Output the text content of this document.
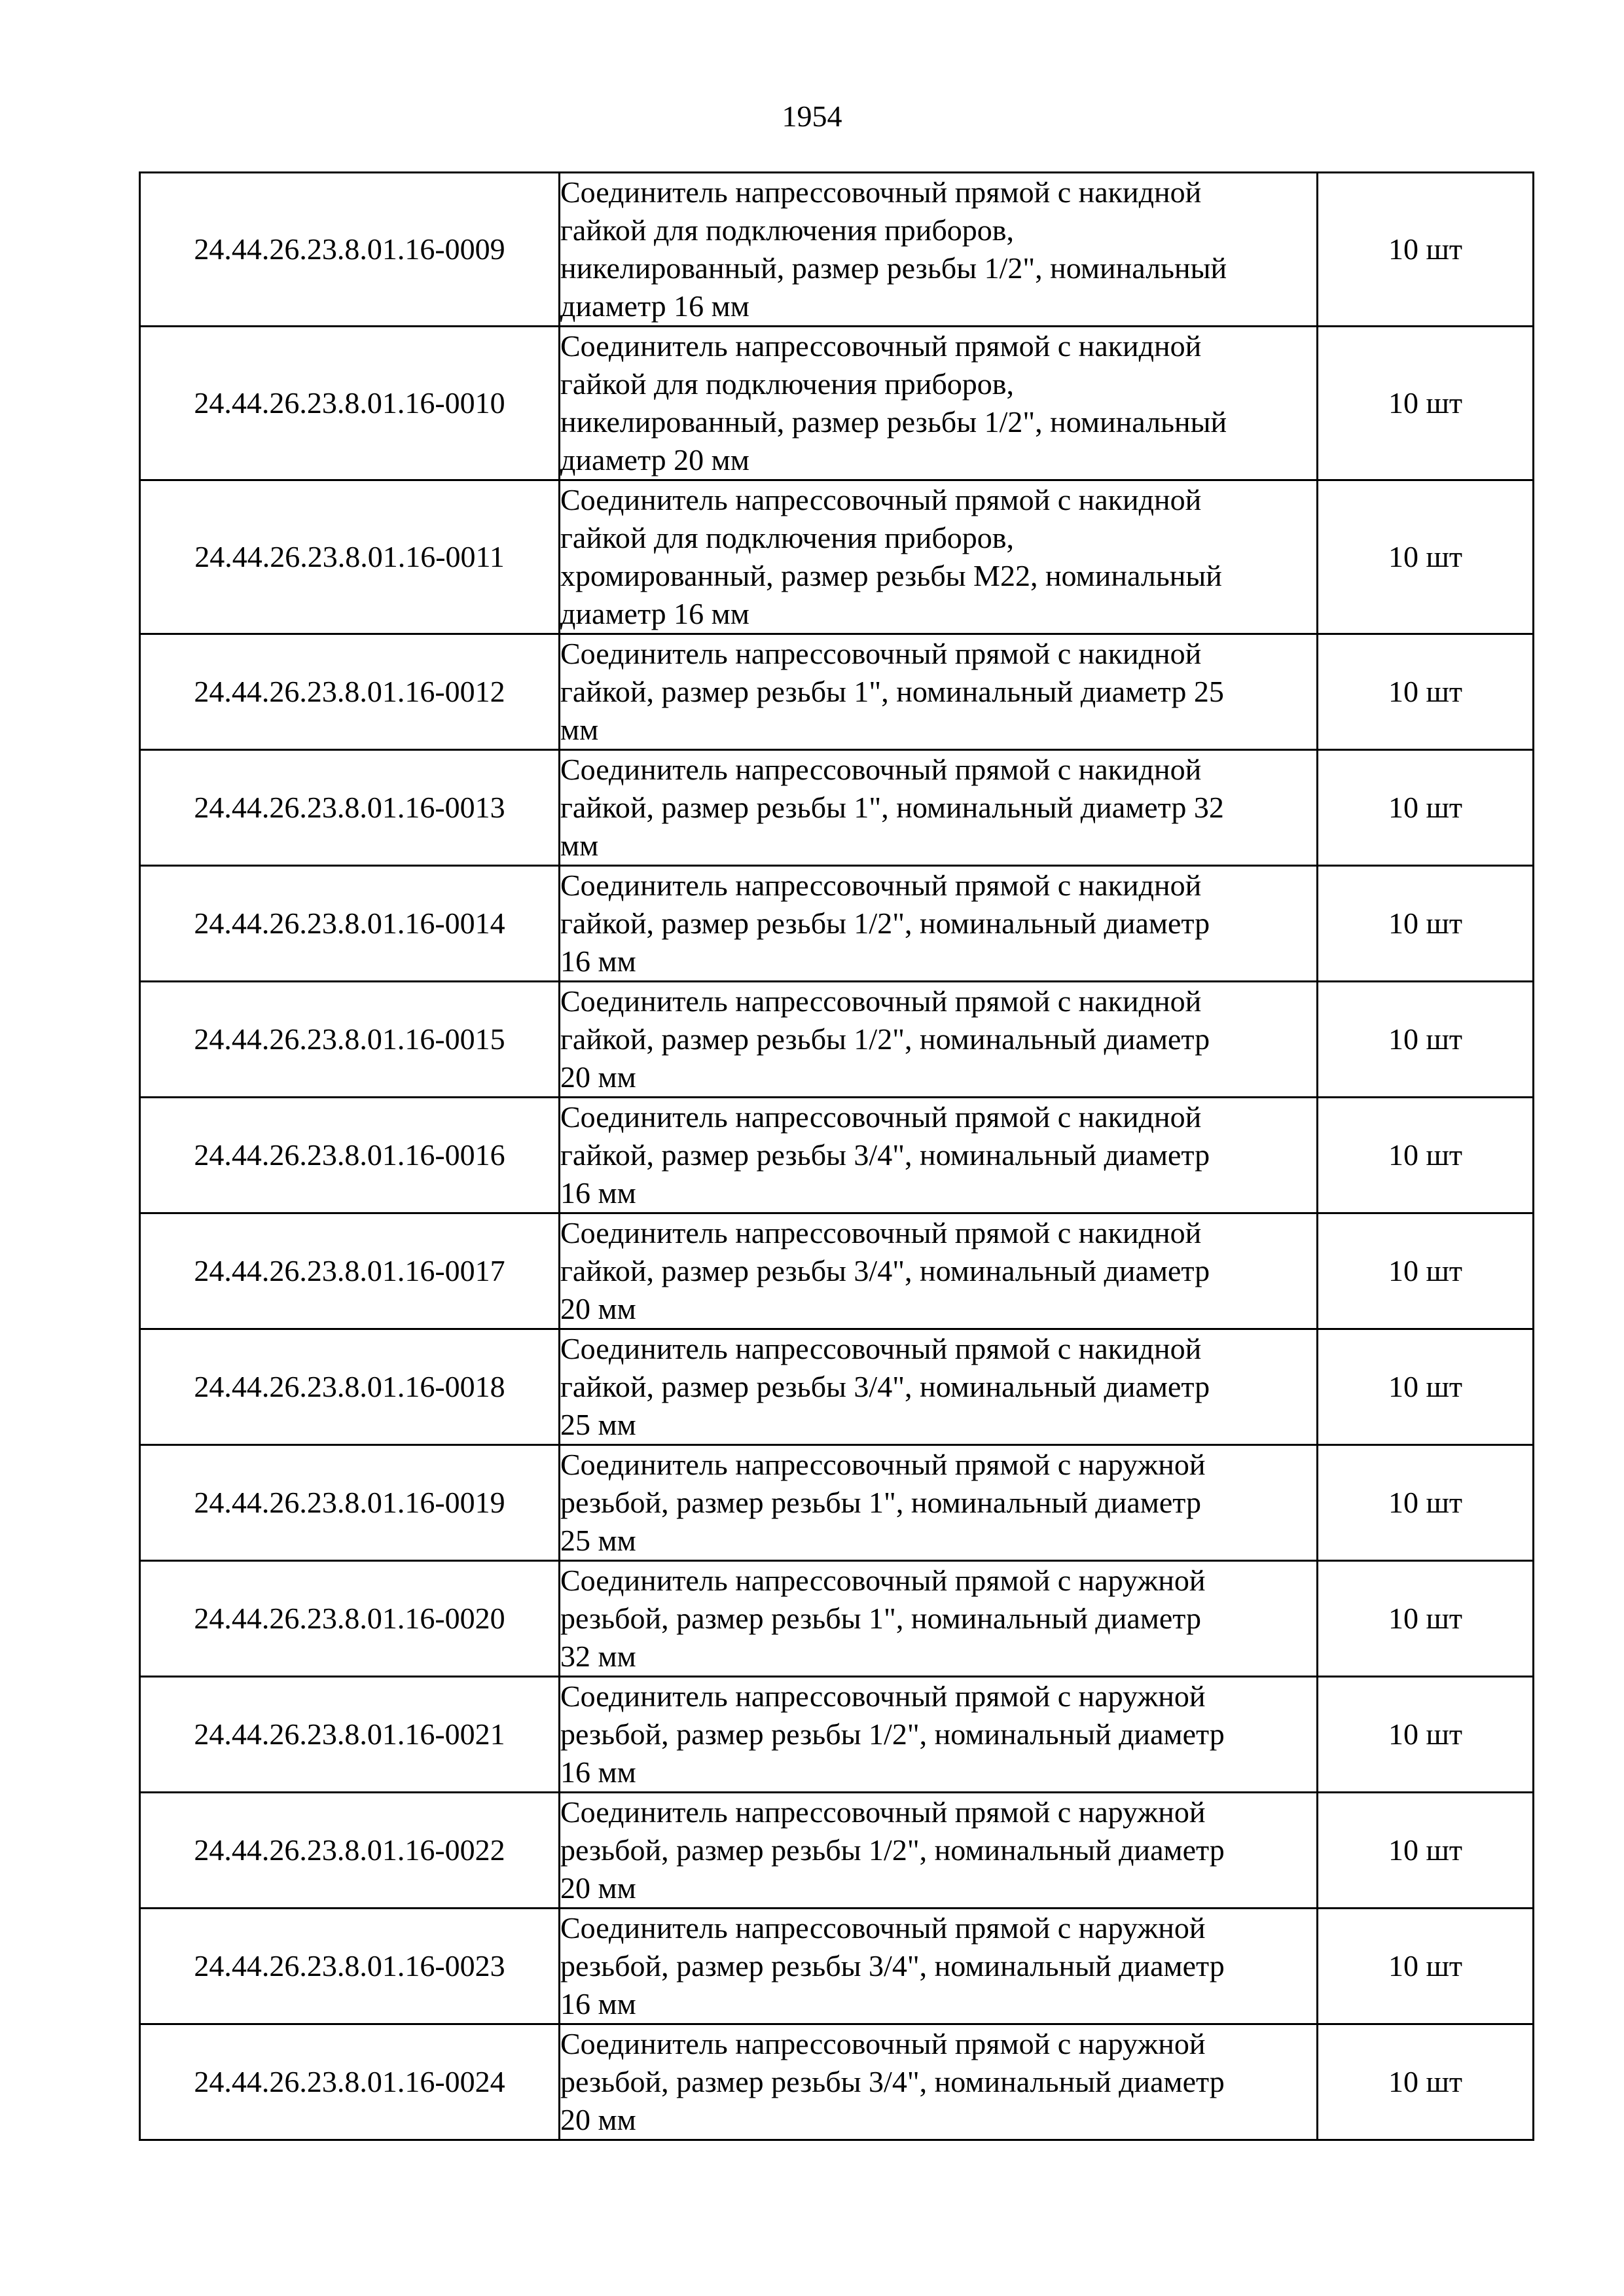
1954
24.44.26.23.8.01.16-0009	Соединитель напрессовочный прямой с накидной
гайкой для подключения приборов,
никелированный, размер резьбы 1/2", номинальный
диаметр 16 мм	10 шт
24.44.26.23.8.01.16-0010	Соединитель напрессовочный прямой с накидной
гайкой для подключения приборов,
никелированный, размер резьбы 1/2", номинальный
диаметр 20 мм	10 шт
24.44.26.23.8.01.16-0011	Соединитель напрессовочный прямой с накидной
гайкой для подключения приборов,
хромированный, размер резьбы М22, номинальный
диаметр 16 мм	10 шт
24.44.26.23.8.01.16-0012	Соединитель напрессовочный прямой с накидной
гайкой, размер резьбы 1", номинальный диаметр 25
мм	10 шт
24.44.26.23.8.01.16-0013	Соединитель напрессовочный прямой с накидной
гайкой, размер резьбы 1", номинальный диаметр 32
мм	10 шт
24.44.26.23.8.01.16-0014	Соединитель напрессовочный прямой с накидной
гайкой, размер резьбы 1/2", номинальный диаметр
16 мм	10 шт
24.44.26.23.8.01.16-0015	Соединитель напрессовочный прямой с накидной
гайкой, размер резьбы 1/2", номинальный диаметр
20 мм	10 шт
24.44.26.23.8.01.16-0016	Соединитель напрессовочный прямой с накидной
гайкой, размер резьбы 3/4", номинальный диаметр
16 мм	10 шт
24.44.26.23.8.01.16-0017	Соединитель напрессовочный прямой с накидной
гайкой, размер резьбы 3/4", номинальный диаметр
20 мм	10 шт
24.44.26.23.8.01.16-0018	Соединитель напрессовочный прямой с накидной
гайкой, размер резьбы 3/4", номинальный диаметр
25 мм	10 шт
24.44.26.23.8.01.16-0019	Соединитель напрессовочный прямой с наружной
резьбой, размер резьбы 1", номинальный диаметр
25 мм	10 шт
24.44.26.23.8.01.16-0020	Соединитель напрессовочный прямой с наружной
резьбой, размер резьбы 1", номинальный диаметр
32 мм	10 шт
24.44.26.23.8.01.16-0021	Соединитель напрессовочный прямой с наружной
резьбой, размер резьбы 1/2", номинальный диаметр
16 мм	10 шт
24.44.26.23.8.01.16-0022	Соединитель напрессовочный прямой с наружной
резьбой, размер резьбы 1/2", номинальный диаметр
20 мм	10 шт
24.44.26.23.8.01.16-0023	Соединитель напрессовочный прямой с наружной
резьбой, размер резьбы 3/4", номинальный диаметр
16 мм	10 шт
24.44.26.23.8.01.16-0024	Соединитель напрессовочный прямой с наружной
резьбой, размер резьбы 3/4", номинальный диаметр
20 мм	10 шт
